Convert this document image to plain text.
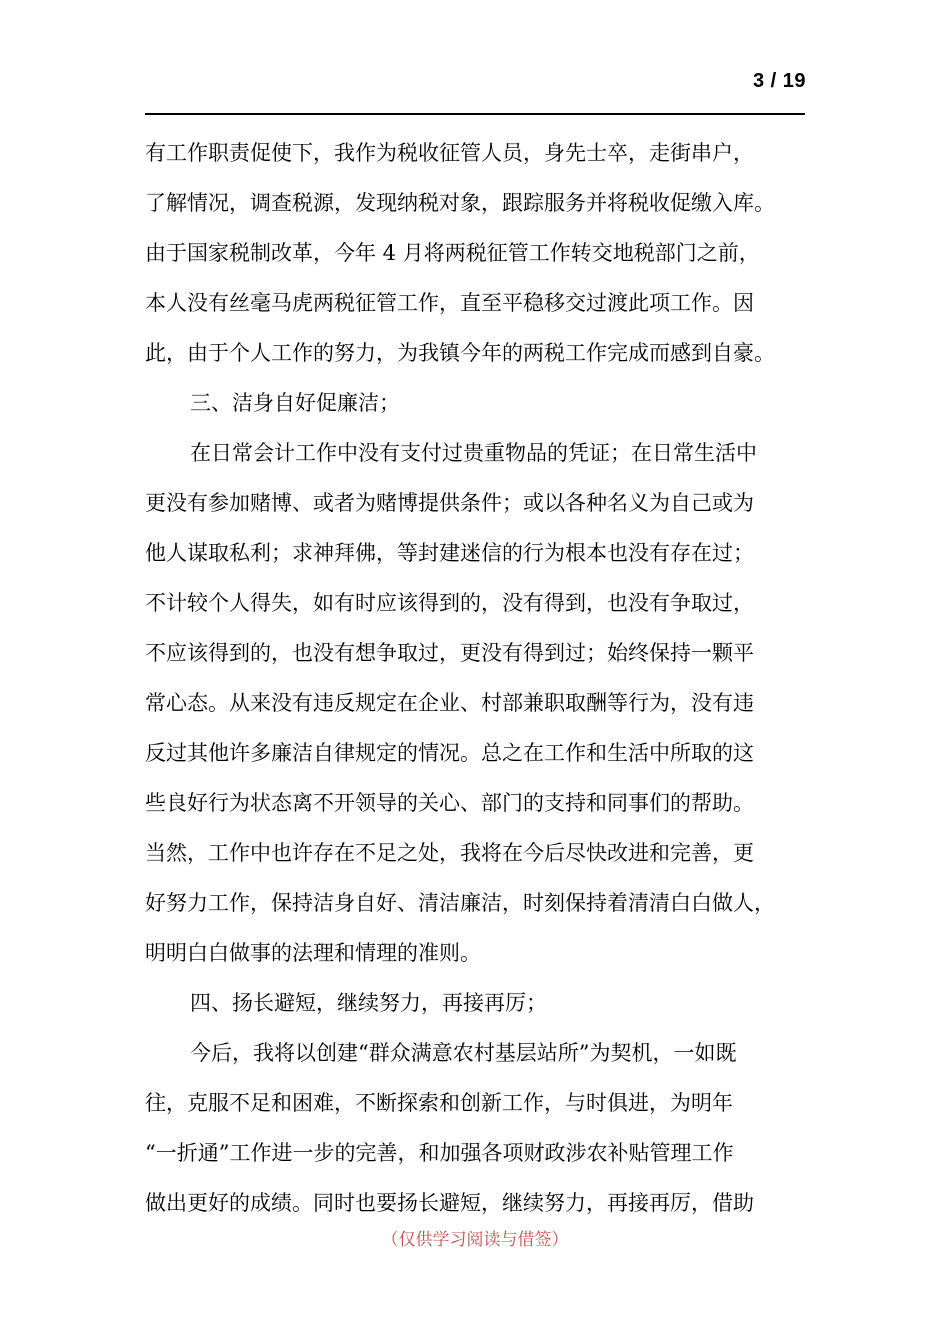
3 / 19
有工作职责促使下，我作为税收征管人员，身先士卒，走街串户，
了解情况，调查税源，发现纳税对象，跟踪服务并将税收促缴入库。
由于国家税制改革，今年 4 月将两税征管工作转交地税部门之前，
本人没有丝毫马虎两税征管工作，直至平稳移交过渡此项工作。因
此，由于个人工作的努力，为我镇今年的两税工作完成而感到自豪。
三、洁身自好促廉洁；
在日常会计工作中没有支付过贵重物品的凭证；在日常生活中
更没有参加赌博、或者为赌博提供条件；或以各种名义为自己或为
他人谋取私利；求神拜佛，等封建迷信的行为根本也没有存在过；
不计较个人得失，如有时应该得到的，没有得到，也没有争取过，
不应该得到的，也没有想争取过，更没有得到过；始终保持一颗平
常心态。从来没有违反规定在企业、村部兼职取酬等行为，没有违
反过其他许多廉洁自律规定的情况。总之在工作和生活中所取的这
些良好行为状态离不开领导的关心、部门的支持和同事们的帮助。
当然，工作中也许存在不足之处，我将在今后尽快改进和完善，更
好努力工作，保持洁身自好、清洁廉洁，时刻保持着清清白白做人，
明明白白做事的法理和情理的准则。
四、扬长避短，继续努力，再接再厉；
今后，我将以创建“群众满意农村基层站所”为契机，一如既
往，克服不足和困难，不断探索和创新工作，与时俱进，为明年
“一折通”工作进一步的完善，和加强各项财政涉农补贴管理工作
做出更好的成绩。同时也要扬长避短，继续努力，再接再厉，借助
（仅供学习阅读与借签）
